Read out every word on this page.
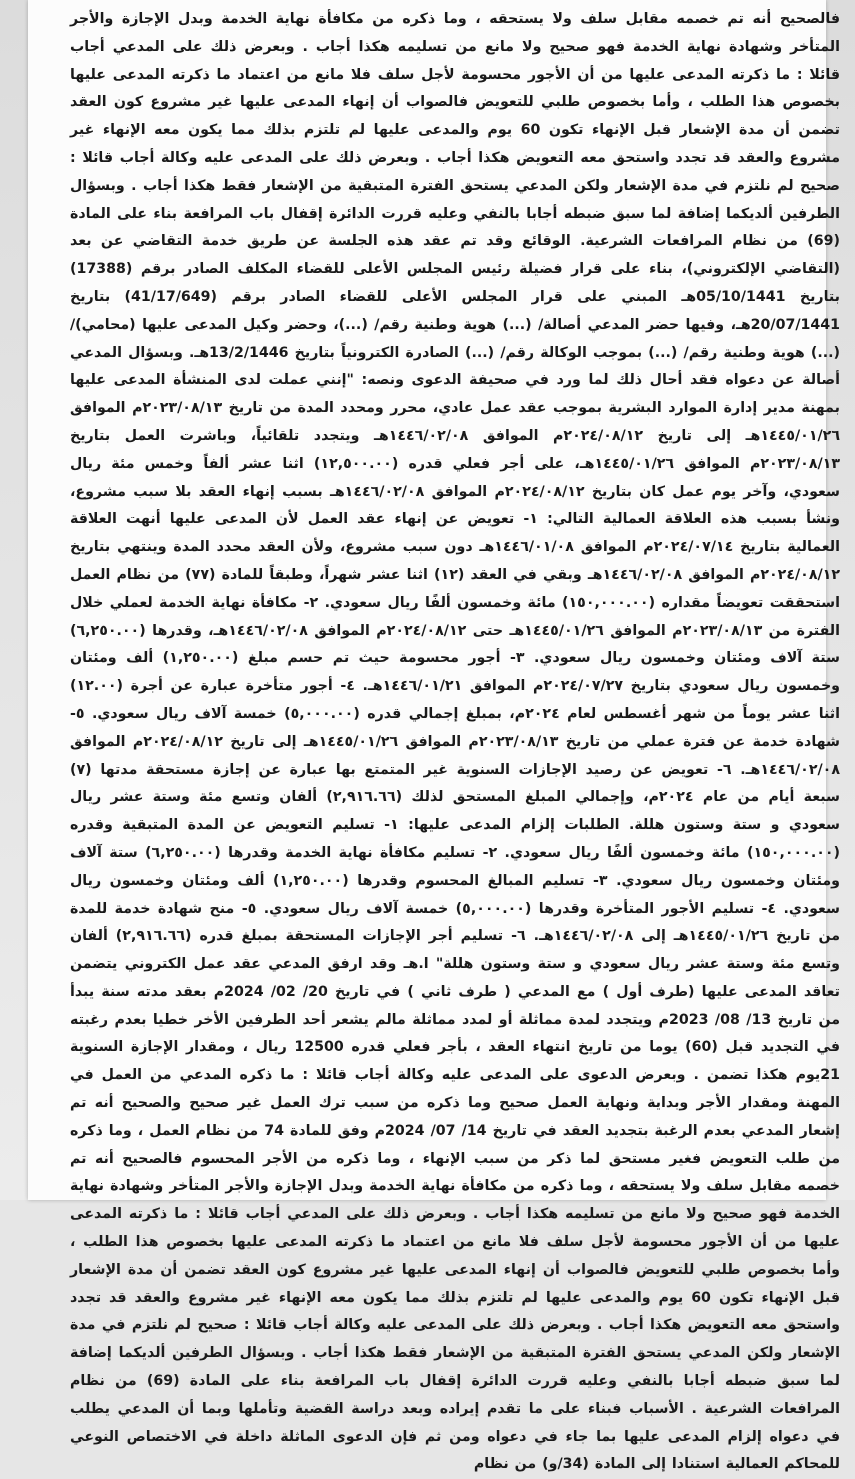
فالصحيح أنه تم خصمه مقابل سلف ولا يستحقه ، وما ذكره من مكافأة نهاية الخدمة وبدل الإجازة والأجر المتأخر وشهادة نهاية الخدمة فهو صحيح ولا مانع من تسليمه هكذا أجاب . وبعرض ذلك على المدعي أجاب قائلا : ما ذكرته المدعى عليها من أن الأجور محسومة لأجل سلف فلا مانع من اعتماد ما ذكرته المدعى عليها بخصوص هذا الطلب ، وأما بخصوص طلبي للتعويض فالصواب أن إنهاء المدعى عليها غير مشروع كون العقد تضمن أن مدة الإشعار قبل الإنهاء تكون 60 يوم والمدعى عليها لم تلتزم بذلك مما يكون معه الإنهاء غير مشروع والعقد قد تجدد واستحق معه التعويض هكذا أجاب . وبعرض ذلك على المدعى عليه وكالة أجاب قائلا : صحيح لم نلتزم في مدة الإشعار ولكن المدعي يستحق الفترة المتبقية من الإشعار فقط هكذا أجاب . وبسؤال الطرفين ألديكما إضافة لما سبق ضبطه أجابا بالنفي وعليه قررت الدائرة إقفال باب المرافعة بناء على المادة (69) من نظام المرافعات الشرعية. الوقائع وقد تم عقد هذه الجلسة عن طريق خدمة التقاضي عن بعد (التقاضي الإلكتروني)، بناء على قرار فضيلة رئيس المجلس الأعلى للقضاء المكلف الصادر برقم (17388) بتاريخ 05/10/1441هـ المبني على قرار المجلس الأعلى للقضاء الصادر برقم (41/17/649) بتاريخ 20/07/1441هـ، وفيها حضر المدعي أصالة/ (...) هوية وطنية رقم/ (...)، وحضر وكيل المدعى عليها (محامي)/ (...) هوية وطنية رقم/ (...) بموجب الوكالة رقم/ (...) الصادرة الكترونياً بتاريخ 13/2/1446هـ. وبسؤال المدعي أصالة عن دعواه فقد أحال ذلك لما ورد في صحيفة الدعوى ونصه: "إنني عملت لدى المنشأة المدعى عليها بمهنة مدير إدارة الموارد البشرية بموجب عقد عمل عادي، محرر ومحدد المدة من تاريخ ٢٠٢٣/٠٨/١٣م الموافق ١٤٤٥/٠١/٢٦هـ إلى تاريخ ٢٠٢٤/٠٨/١٢م الموافق ١٤٤٦/٠٢/٠٨هـ ويتجدد تلقائياً، وباشرت العمل بتاريخ ٢٠٢٣/٠٨/١٣م الموافق ١٤٤٥/٠١/٢٦هـ، على أجر فعلي قدره (١٢,٥٠٠.٠٠) اثنا عشر ألفاً وخمس مئة ريال سعودي، وآخر يوم عمل كان بتاريخ ٢٠٢٤/٠٨/١٢م الموافق ١٤٤٦/٠٢/٠٨هـ بسبب إنهاء العقد بلا سبب مشروع، ونشأ بسبب هذه العلاقة العمالية التالي: ١- تعويض عن إنهاء عقد العمل لأن المدعى عليها أنهت العلاقة العمالية بتاريخ ٢٠٢٤/٠٧/١٤م الموافق ١٤٤٦/٠١/٠٨هـ دون سبب مشروع، ولأن العقد محدد المدة وينتهي بتاريخ ٢٠٢٤/٠٨/١٢م الموافق ١٤٤٦/٠٢/٠٨هـ وبقي في العقد (١٢) اثنا عشر شهراً، وطبقاً للمادة (٧٧) من نظام العمل استحققت تعويضاً مقداره (١٥٠,٠٠٠.٠٠) مائة وخمسون ألفًا ريال سعودي. ٢- مكافأة نهاية الخدمة لعملي خلال الفترة من ٢٠٢٣/٠٨/١٣م الموافق ١٤٤٥/٠١/٢٦هـ حتى ٢٠٢٤/٠٨/١٢م الموافق ١٤٤٦/٠٢/٠٨هـ، وقدرها (٦,٢٥٠.٠٠) ستة آلاف ومئتان وخمسون ريال سعودي. ٣- أجور محسومة حيث تم حسم مبلغ (١,٢٥٠.٠٠) ألف ومئتان وخمسون ريال سعودي بتاريخ ٢٠٢٤/٠٧/٢٧م الموافق ١٤٤٦/٠١/٢١هـ. ٤- أجور متأخرة عبارة عن أجرة (١٢.٠٠) اثنا عشر يوماً من شهر أغسطس لعام ٢٠٢٤م، بمبلغ إجمالي قدره (٥,٠٠٠.٠٠) خمسة آلاف ريال سعودي. ٥- شهادة خدمة عن فترة عملي من تاريخ ٢٠٢٣/٠٨/١٣م الموافق ١٤٤٥/٠١/٢٦هـ إلى تاريخ ٢٠٢٤/٠٨/١٢م الموافق ١٤٤٦/٠٢/٠٨هـ. ٦- تعويض عن رصيد الإجازات السنوية غير المتمتع بها عبارة عن إجازة مستحقة مدتها (٧) سبعة أيام من عام ٢٠٢٤م، وإجمالي المبلغ المستحق لذلك (٢,٩١٦.٦٦) ألفان وتسع مئة وستة عشر ريال سعودي و ستة وستون هللة. الطلبات إلزام المدعى عليها: ١- تسليم التعويض عن المدة المتبقية وقدره (١٥٠,٠٠٠.٠٠) مائة وخمسون ألفًا ريال سعودي. ٢- تسليم مكافأة نهاية الخدمة وقدرها (٦,٢٥٠.٠٠) ستة آلاف ومئتان وخمسون ريال سعودي. ٣- تسليم المبالغ المحسوم وقدرها (١,٢٥٠.٠٠) ألف ومئتان وخمسون ريال سعودي. ٤- تسليم الأجور المتأخرة وقدرها (٥,٠٠٠.٠٠) خمسة آلاف ريال سعودي. ٥- منح شهادة خدمة للمدة من تاريخ ١٤٤٥/٠١/٢٦هـ إلى ١٤٤٦/٠٢/٠٨هـ. ٦- تسليم أجر الإجازات المستحقة بمبلغ قدره (٢,٩١٦.٦٦) ألفان وتسع مئة وستة عشر ريال سعودي و ستة وستون هللة" ا.هـ وقد ارفق المدعي عقد عمل الكتروني يتضمن تعاقد المدعى عليها (طرف أول ) مع المدعي ( طرف ثاني ) في تاريخ 20/ 02/ 2024م بعقد مدته سنة يبدأ من تاريخ 13/ 08/ 2023م ويتجدد لمدة مماثلة أو لمدد مماثلة مالم يشعر أحد الطرفين الأخر خطيا بعدم رغبته في التجديد قبل (60) يوما من تاريخ انتهاء العقد ، بأجر فعلي قدره 12500 ريال ، ومقدار الإجازة السنوية 21يوم هكذا تضمن . وبعرض الدعوى على المدعى عليه وكالة أجاب قائلا : ما ذكره المدعي من العمل في المهنة ومقدار الأجر وبداية ونهاية العمل صحيح وما ذكره من سبب ترك العمل غير صحيح والصحيح أنه تم إشعار المدعي بعدم الرغبة بتجديد العقد في تاريخ 14/ 07/ 2024م وفق للمادة 74 من نظام العمل ، وما ذكره من طلب التعويض فغير مستحق لما ذكر من سبب الإنهاء ، وما ذكره من الأجر المحسوم فالصحيح أنه تم خصمه مقابل سلف ولا يستحقه ، وما ذكره من مكافأة نهاية الخدمة وبدل الإجازة والأجر المتأخر وشهادة نهاية الخدمة فهو صحيح ولا مانع من تسليمه هكذا أجاب . وبعرض ذلك على المدعي أجاب قائلا : ما ذكرته المدعى عليها من أن الأجور محسومة لأجل سلف فلا مانع من اعتماد ما ذكرته المدعى عليها بخصوص هذا الطلب ، وأما بخصوص طلبي للتعويض فالصواب أن إنهاء المدعى عليها غير مشروع كون العقد تضمن أن مدة الإشعار قبل الإنهاء تكون 60 يوم والمدعى عليها لم تلتزم بذلك مما يكون معه الإنهاء غير مشروع والعقد قد تجدد واستحق معه التعويض هكذا أجاب . وبعرض ذلك على المدعى عليه وكالة أجاب قائلا : صحيح لم نلتزم في مدة الإشعار ولكن المدعي يستحق الفترة المتبقية من الإشعار فقط هكذا أجاب . وبسؤال الطرفين ألديكما إضافة لما سبق ضبطه أجابا بالنفي وعليه قررت الدائرة إقفال باب المرافعة بناء على المادة (69) من نظام المرافعات الشرعية . الأسباب فبناء على ما تقدم إيراده وبعد دراسة القضية وتأملها وبما أن المدعي يطلب في دعواه إلزام المدعى عليها بما جاء في دعواه ومن ثم فإن الدعوى الماثلة داخلة في الاختصاص النوعي للمحاكم العمالية استنادا إلى المادة (34/و) من نظام
